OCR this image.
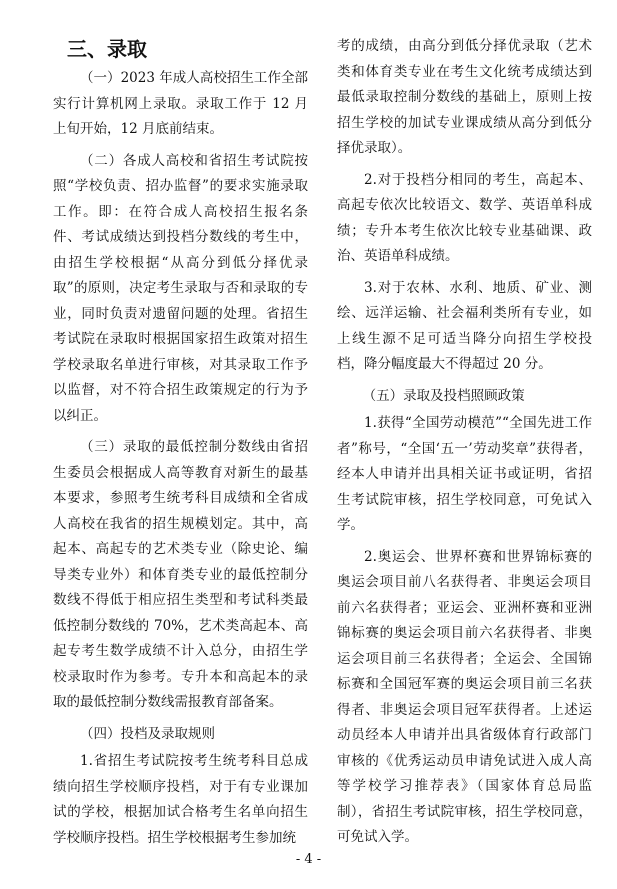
三、录取

（一）2023 年成人高校招生工作全部实行计算机网上录取。录取工作于 12 月上旬开始，12 月底前结束。

（二）各成人高校和省招生考试院按照“学校负责、招办监督”的要求实施录取工作。即：在符合成人高校招生报名条件、考试成绩达到投档分数线的考生中，由招生学校根据“从高分到低分择优录取”的原则，决定考生录取与否和录取的专业，同时负责对遗留问题的处理。省招生考试院在录取时根据国家招生政策对招生学校录取名单进行审核，对其录取工作予以监督，对不符合招生政策规定的行为予以纠正。

（三）录取的最低控制分数线由省招生委员会根据成人高等教育对新生的最基本要求，参照考生统考科目成绩和全省成人高校在我省的招生规模划定。其中，高起本、高起专的艺术类专业（除史论、编导类专业外）和体育类专业的最低控制分数线不得低于相应招生类型和考试科类最低控制分数线的 70%，艺术类高起本、高起专考生数学成绩不计入总分，由招生学校录取时作为参考。专升本和高起本的录取的最低控制分数线需报教育部备案。

（四）投档及录取规则

1.省招生考试院按考生统考科目总成绩向招生学校顺序投档，对于有专业课加试的学校，根据加试合格考生名单向招生学校顺序投档。招生学校根据考生参加统

考的成绩，由高分到低分择优录取（艺术类和体育类专业在考生文化统考成绩达到最低录取控制分数线的基础上，原则上按招生学校的加试专业课成绩从高分到低分择优录取）。

2.对于投档分相同的考生，高起本、高起专依次比较语文、数学、英语单科成绩；专升本考生依次比较专业基础课、政治、英语单科成绩。

3.对于农林、水利、地质、矿业、测绘、远洋运输、社会福利类所有专业，如上线生源不足可适当降分向招生学校投档，降分幅度最大不得超过 20 分。

（五）录取及投档照顾政策

1.获得“全国劳动模范”“全国先进工作者”称号，“全国‘五一’劳动奖章”获得者，经本人申请并出具相关证书或证明，省招生考试院审核，招生学校同意，可免试入学。

2.奥运会、世界杯赛和世界锦标赛的奥运会项目前八名获得者、非奥运会项目前六名获得者；亚运会、亚洲杯赛和亚洲锦标赛的奥运会项目前六名获得者、非奥运会项目前三名获得者；全运会、全国锦标赛和全国冠军赛的奥运会项目前三名获得者、非奥运会项目冠军获得者。上述运动员经本人申请并出具省级体育行政部门审核的《优秀运动员申请免试进入成人高等学校学习推荐表》（国家体育总局监制），省招生考试院审核，招生学校同意，可免试入学。

- 4 -
